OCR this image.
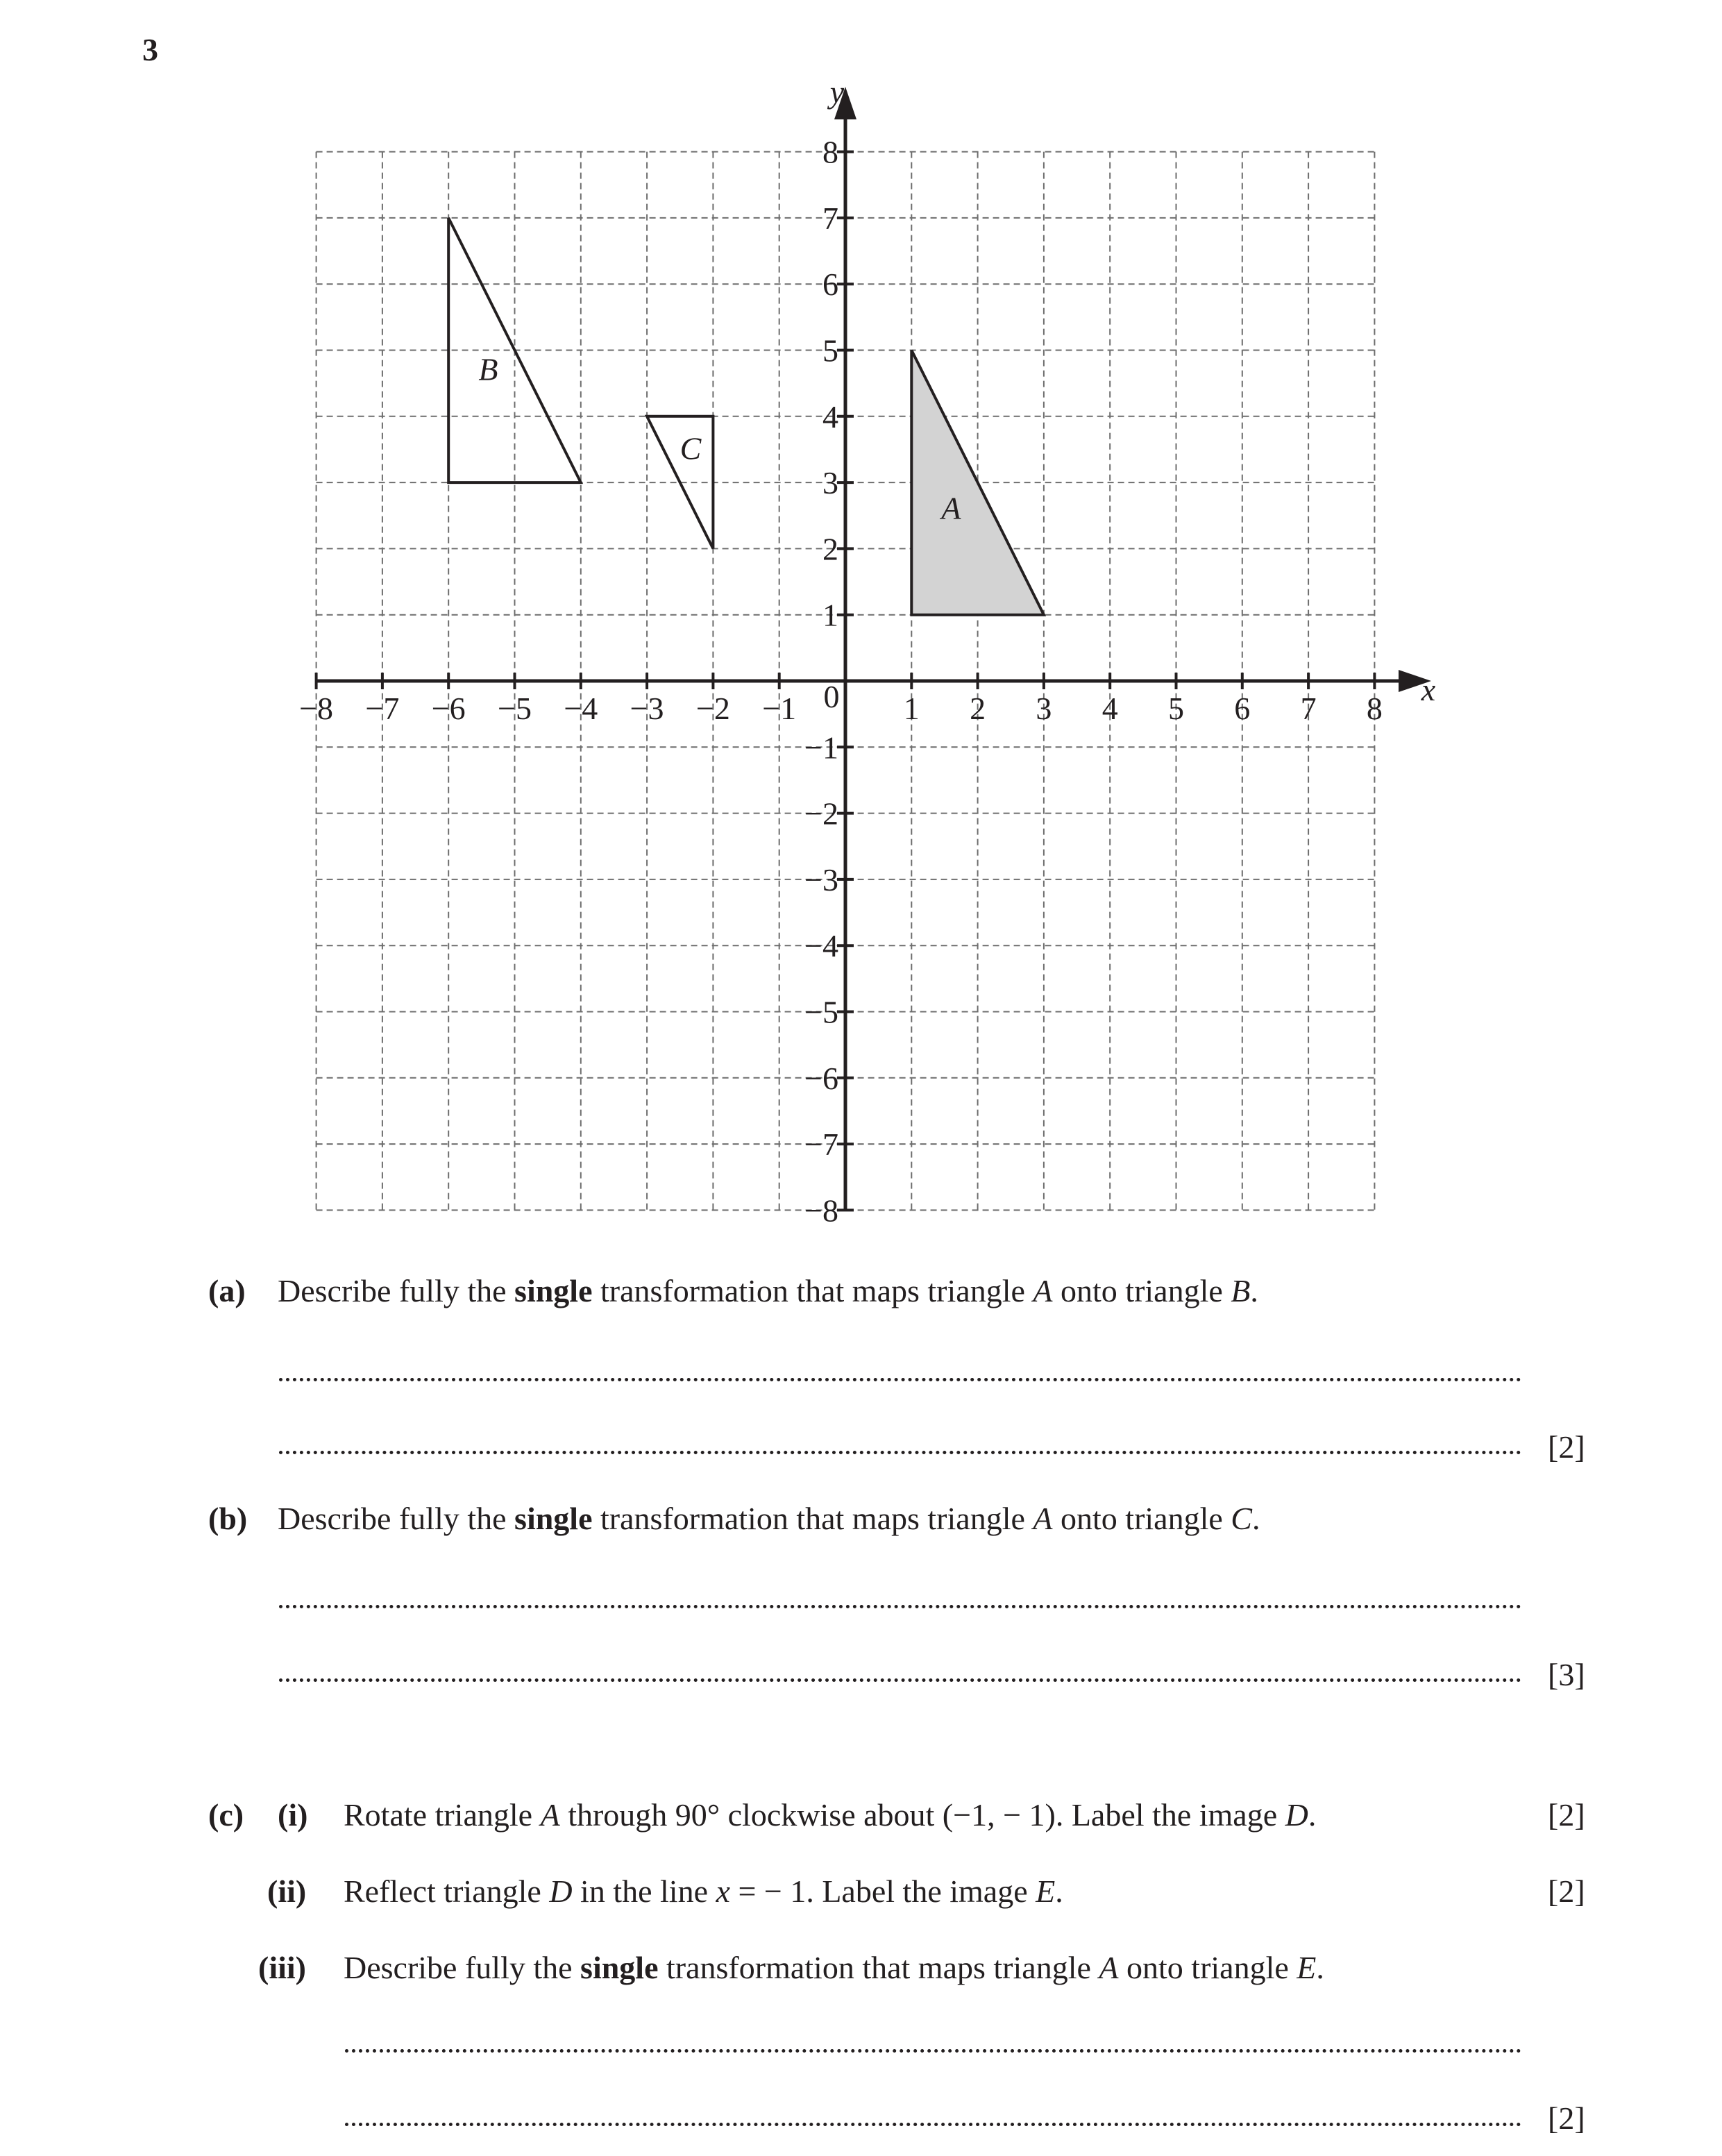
3
−8 −7 −6 −5 −4 −3 −2 −1	1 2 3 4 5 6 7 8
1
2
3
4
5
6
7
8
−1
−2
−3
−4
−5
−6
−7
−8
0	x
y
A
B
C
(a) Describe fully the single transformation that maps triangle A onto triangle B.
[2]
(b) Describe fully the single transformation that maps triangle A onto triangle C.
[3]
(c) (i) Rotate triangle A through 90° clockwise about (−1, − 1). Label the image D.	[2]
(ii) Reflect triangle D in the line x = − 1. Label the image E.	[2]
(iii) Describe fully the single transformation that maps triangle A onto triangle E.
[2]
